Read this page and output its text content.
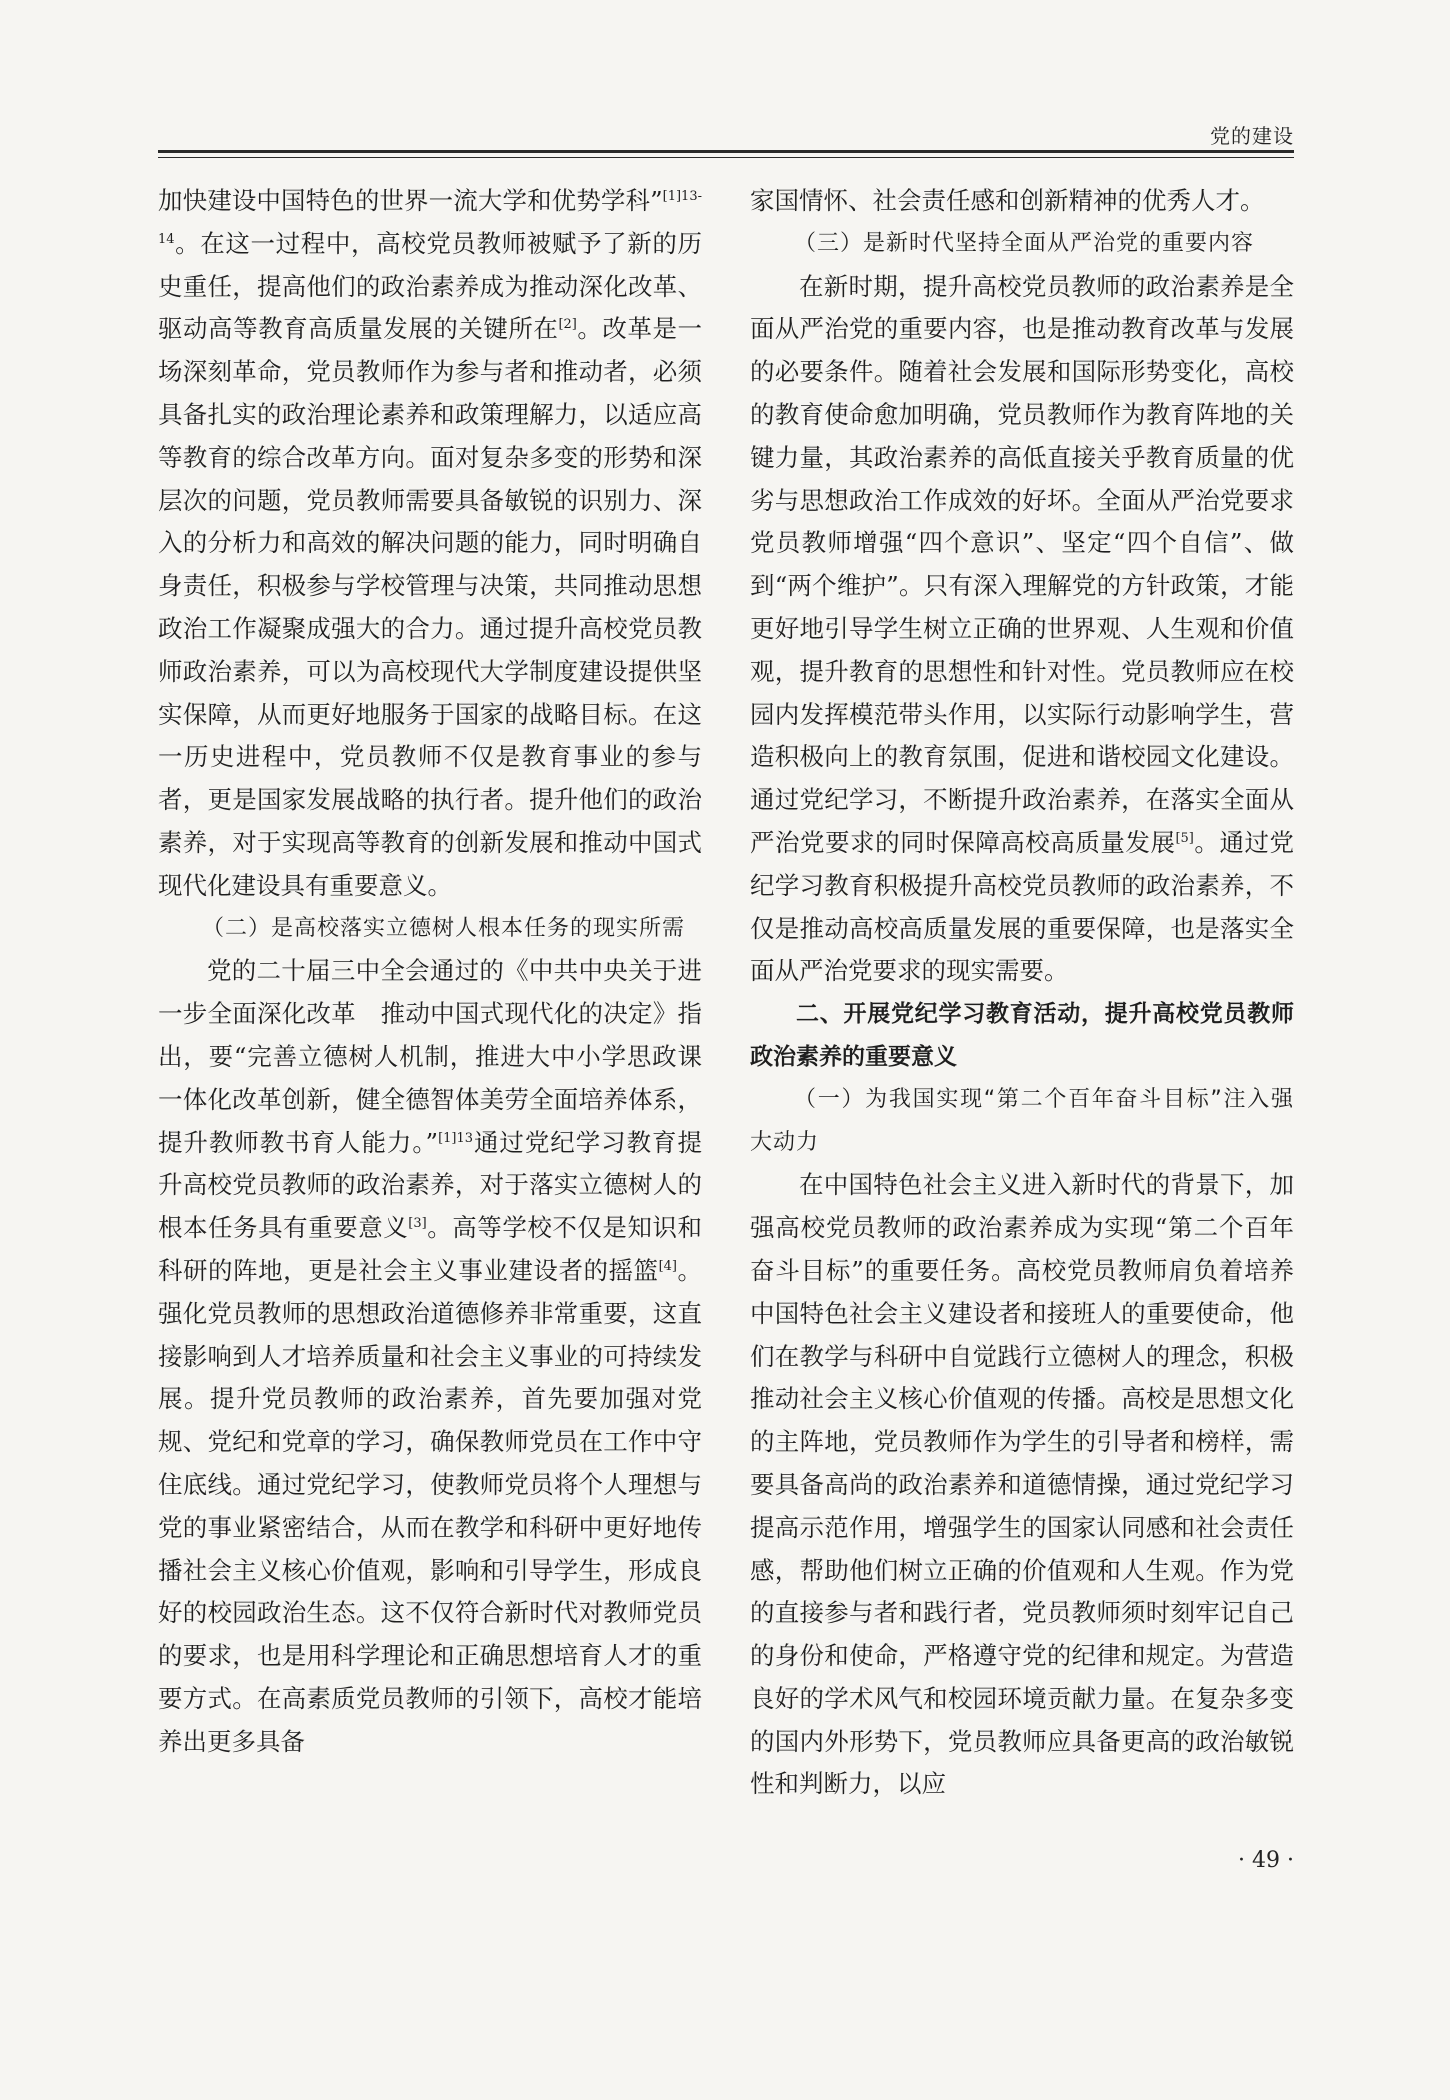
党的建设

加快建设中国特色的世界一流大学和优势学科”$^{[1]13-14}$。在这一过程中，高校党员教师被赋予了新的历史重任，提高他们的政治素养成为推动深化改革、驱动高等教育高质量发展的关键所在[2]。改革是一场深刻革命，党员教师作为参与者和推动者，必须具备扎实的政治理论素养和政策理解力，以适应高等教育的综合改革方向。面对复杂多变的形势和深层次的问题，党员教师需要具备敏锐的识别力、深入的分析力和高效的解决问题的能力，同时明确自身责任，积极参与学校管理与决策，共同推动思想政治工作凝聚成强大的合力。通过提升高校党员教师政治素养，可以为高校现代大学制度建设提供坚实保障，从而更好地服务于国家的战略目标。在这一历史进程中，党员教师不仅是教育事业的参与者，更是国家发展战略的执行者。提升他们的政治素养，对于实现高等教育的创新发展和推动中国式现代化建设具有重要意义。

（二）是高校落实立德树人根本任务的现实所需

党的二十届三中全会通过的《中共中央关于进一步全面深化改革　推动中国式现代化的决定》指出，要“完善立德树人机制，推进大中小学思政课一体化改革创新，健全德智体美劳全面培养体系，提升教师教书育人能力。”$^{[1]13}$通过党纪学习教育提升高校党员教师的政治素养，对于落实立德树人的根本任务具有重要意义[3]。高等学校不仅是知识和科研的阵地，更是社会主义事业建设者的摇篮[4]。强化党员教师的思想政治道德修养非常重要，这直接影响到人才培养质量和社会主义事业的可持续发展。提升党员教师的政治素养，首先要加强对党规、党纪和党章的学习，确保教师党员在工作中守住底线。通过党纪学习，使教师党员将个人理想与党的事业紧密结合，从而在教学和科研中更好地传播社会主义核心价值观，影响和引导学生，形成良好的校园政治生态。这不仅符合新时代对教师党员的要求，也是用科学理论和正确思想培育人才的重要方式。在高素质党员教师的引领下，高校才能培养出更多具备

家国情怀、社会责任感和创新精神的优秀人才。

（三）是新时代坚持全面从严治党的重要内容

在新时期，提升高校党员教师的政治素养是全面从严治党的重要内容，也是推动教育改革与发展的必要条件。随着社会发展和国际形势变化，高校的教育使命愈加明确，党员教师作为教育阵地的关键力量，其政治素养的高低直接关乎教育质量的优劣与思想政治工作成效的好坏。全面从严治党要求党员教师增强“四个意识”、坚定“四个自信”、做到“两个维护”。只有深入理解党的方针政策，才能更好地引导学生树立正确的世界观、人生观和价值观，提升教育的思想性和针对性。党员教师应在校园内发挥模范带头作用，以实际行动影响学生，营造积极向上的教育氛围，促进和谐校园文化建设。通过党纪学习，不断提升政治素养，在落实全面从严治党要求的同时保障高校高质量发展[5]。通过党纪学习教育积极提升高校党员教师的政治素养，不仅是推动高校高质量发展的重要保障，也是落实全面从严治党要求的现实需要。

二、开展党纪学习教育活动，提升高校党员教师政治素养的重要意义

（一）为我国实现“第二个百年奋斗目标”注入强大动力

在中国特色社会主义进入新时代的背景下，加强高校党员教师的政治素养成为实现“第二个百年奋斗目标”的重要任务。高校党员教师肩负着培养中国特色社会主义建设者和接班人的重要使命，他们在教学与科研中自觉践行立德树人的理念，积极推动社会主义核心价值观的传播。高校是思想文化的主阵地，党员教师作为学生的引导者和榜样，需要具备高尚的政治素养和道德情操，通过党纪学习提高示范作用，增强学生的国家认同感和社会责任感，帮助他们树立正确的价值观和人生观。作为党的直接参与者和践行者，党员教师须时刻牢记自己的身份和使命，严格遵守党的纪律和规定。为营造良好的学术风气和校园环境贡献力量。在复杂多变的国内外形势下，党员教师应具备更高的政治敏锐性和判断力，以应

· 49 ·
